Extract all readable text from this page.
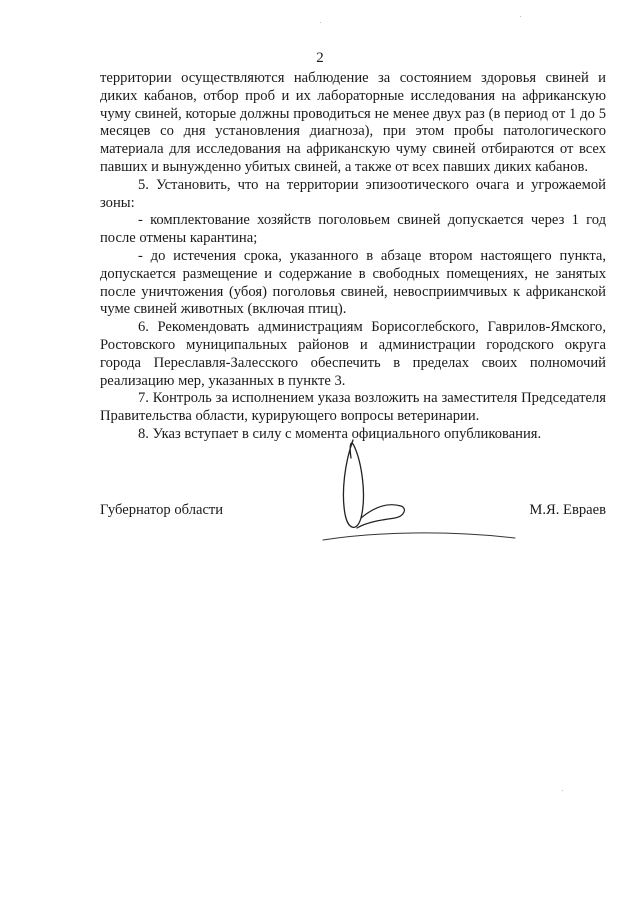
2

территории осуществляются наблюдение за состоянием здоровья свиней и диких кабанов, отбор проб и их лабораторные исследования на африканскую чуму свиней, которые должны проводиться не менее двух раз (в период от 1 до 5 месяцев со дня установления диагноза), при этом пробы патологического материала для исследования на африканскую чуму свиней отбираются от всех павших и вынужденно убитых свиней, а также от всех павших диких кабанов.

5. Установить, что на территории эпизоотического очага и угрожаемой зоны:

- комплектование хозяйств поголовьем свиней допускается через 1 год после отмены карантина;

- до истечения срока, указанного в абзаце втором настоящего пункта, допускается размещение и содержание в свободных помещениях, не занятых после уничтожения (убоя) поголовья свиней, невосприимчивых к африканской чуме свиней животных (включая птиц).

6. Рекомендовать администрациям Борисоглебского, Гаврилов-Ямского, Ростовского муниципальных районов и администрации городского округа города Переславля-Залесского обеспечить в пределах своих полномочий реализацию мер, указанных в пункте 3.

7. Контроль за исполнением указа возложить на заместителя Председателя Правительства области, курирующего вопросы ветеринарии.

8. Указ вступает в силу с момента официального опубликования.

Губернатор области	М.Я. Евраев
